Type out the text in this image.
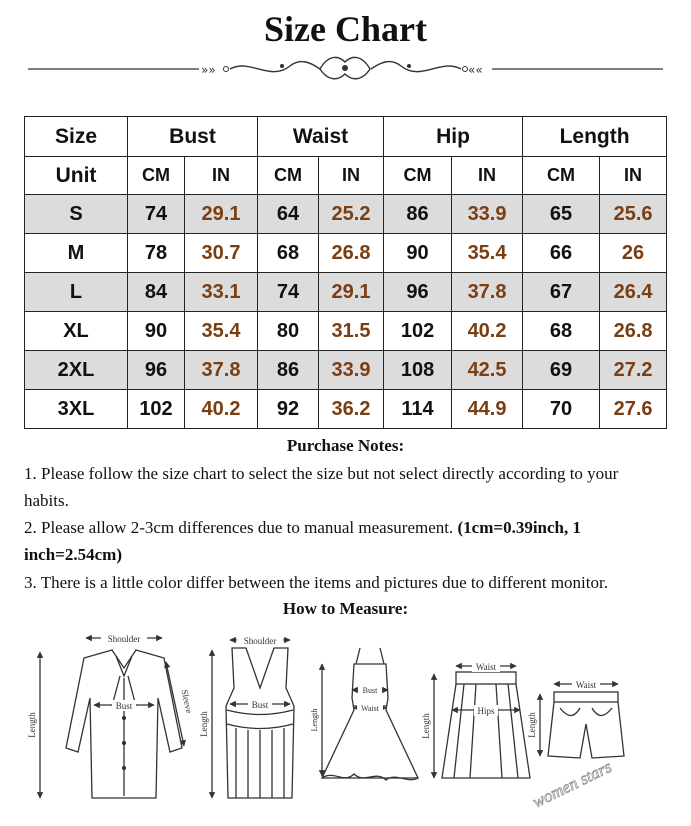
Size Chart
»»	««
Size	Bust		Waist		Hip		Length	
Unit	CM	IN	CM	IN	CM	IN	CM	IN
S	74	29.1	64	25.2	86	33.9	65	25.6
M	78	30.7	68	26.8	90	35.4	66	26
L	84	33.1	74	29.1	96	37.8	67	26.4
XL	90	35.4	80	31.5	102	40.2	68	26.8
2XL	96	37.8	86	33.9	108	42.5	69	27.2
3XL	102	40.2	92	36.2	114	44.9	70	27.6
Purchase Notes:
1. Please follow the size chart to select the size but not select directly according to your habits.
2. Please allow 2-3cm differences due to manual measurement. (1cm=0.39inch, 1 inch=2.54cm)
3. There is a little color differ between the items and pictures due to different monitor.
How to Measure:
Shoulder
Bust
Length
Sleeve
Shoulder
Bust
Length
Bust
Waist
Length
Waist
Hips
Length
Waist
Length
women stars
